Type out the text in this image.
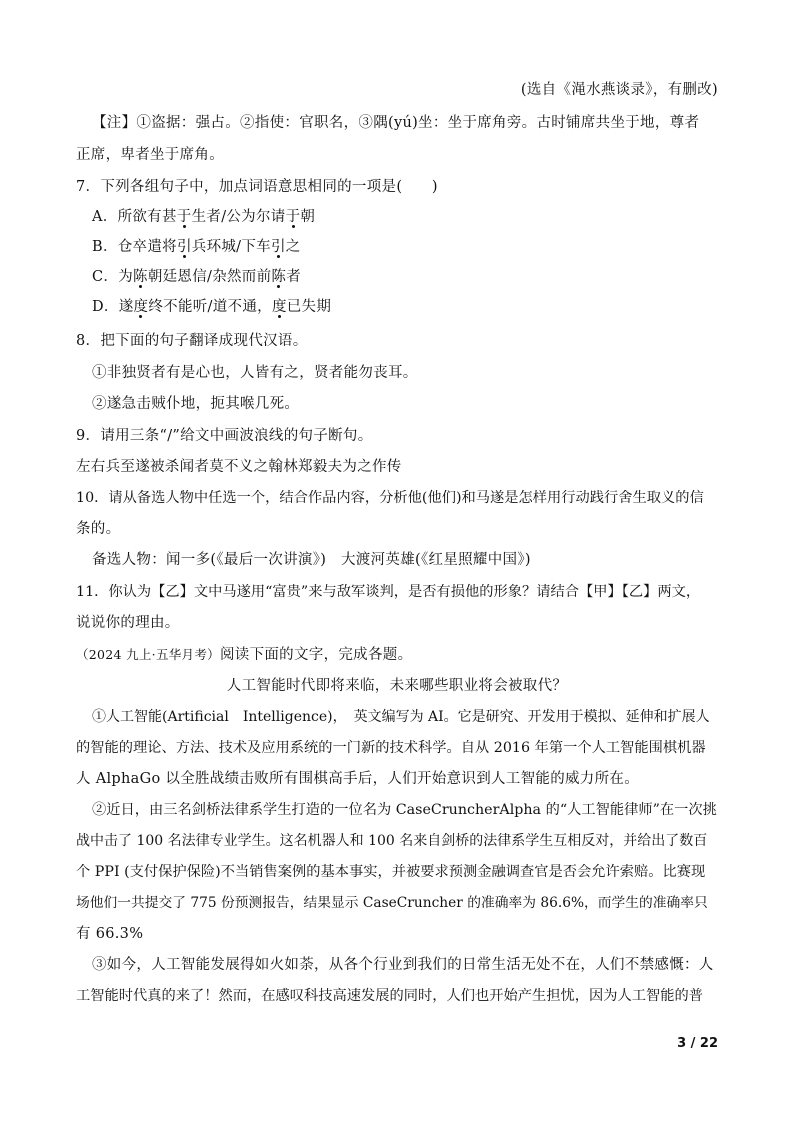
(选自《渑水燕谈录》，有删改)
【注】①盗据：强占。②指使：官职名，③隅(yú)坐：坐于席角旁。古时铺席共坐于地，尊者
正席，卑者坐于席角。
7．下列各组句子中，加点词语意思相同的一项是(　　)
A．所欲有甚于生者/公为尔请于朝
B．仓卒遣将引兵环城/下车引之
C．为陈朝廷恩信/杂然而前陈者
D．遂度终不能听/道不通，度已失期
8．把下面的句子翻译成现代汉语。
①非独贤者有是心也，人皆有之，贤者能勿丧耳。
②遂急击贼仆地，扼其喉几死。
9．请用三条“/”给文中画波浪线的句子断句。
左右兵至遂被杀闻者莫不义之翰林郑毅夫为之作传
10．请从备选人物中任选一个，结合作品内容，分析他(他们)和马遂是怎样用行动践行舍生取义的信
条的。
备选人物：闻一多(《最后一次讲演》)　大渡河英雄(《红星照耀中国》)
11．你认为【乙】文中马遂用“富贵”来与敌军谈判，是否有损他的形象？请结合【甲】【乙】两文，
说说你的理由。
（2024 九上·五华月考）阅读下面的文字，完成各题。
人工智能时代即将来临，未来哪些职业将会被取代？
①人工智能(Artificial　Intelligence)，　英文编写为 AI。它是研究、开发用于模拟、延伸和扩展人
的智能的理论、方法、技术及应用系统的一门新的技术科学。自从 2016 年第一个人工智能围棋机器
人 AlphaGo 以全胜战绩击败所有围棋高手后，人们开始意识到人工智能的威力所在。
②近日，由三名剑桥法律系学生打造的一位名为 CaseCruncherAlpha 的“人工智能律师”在一次挑
战中击了 100 名法律专业学生。这名机器人和 100 名来自剑桥的法律系学生互相反对，并给出了数百
个 PPI (支付保护保险)不当销售案例的基本事实，并被要求预测金融调查官是否会允许索赔。比赛现
场他们一共提交了 775 份预测报告，结果显示 CaseCruncher 的准确率为 86.6%，而学生的准确率只
有 66.3%
③如今，人工智能发展得如火如荼，从各个行业到我们的日常生活无处不在，人们不禁感慨：人
工智能时代真的来了！然而，在感叹科技高速发展的同时，人们也开始产生担忧，因为人工智能的普
3 / 22
